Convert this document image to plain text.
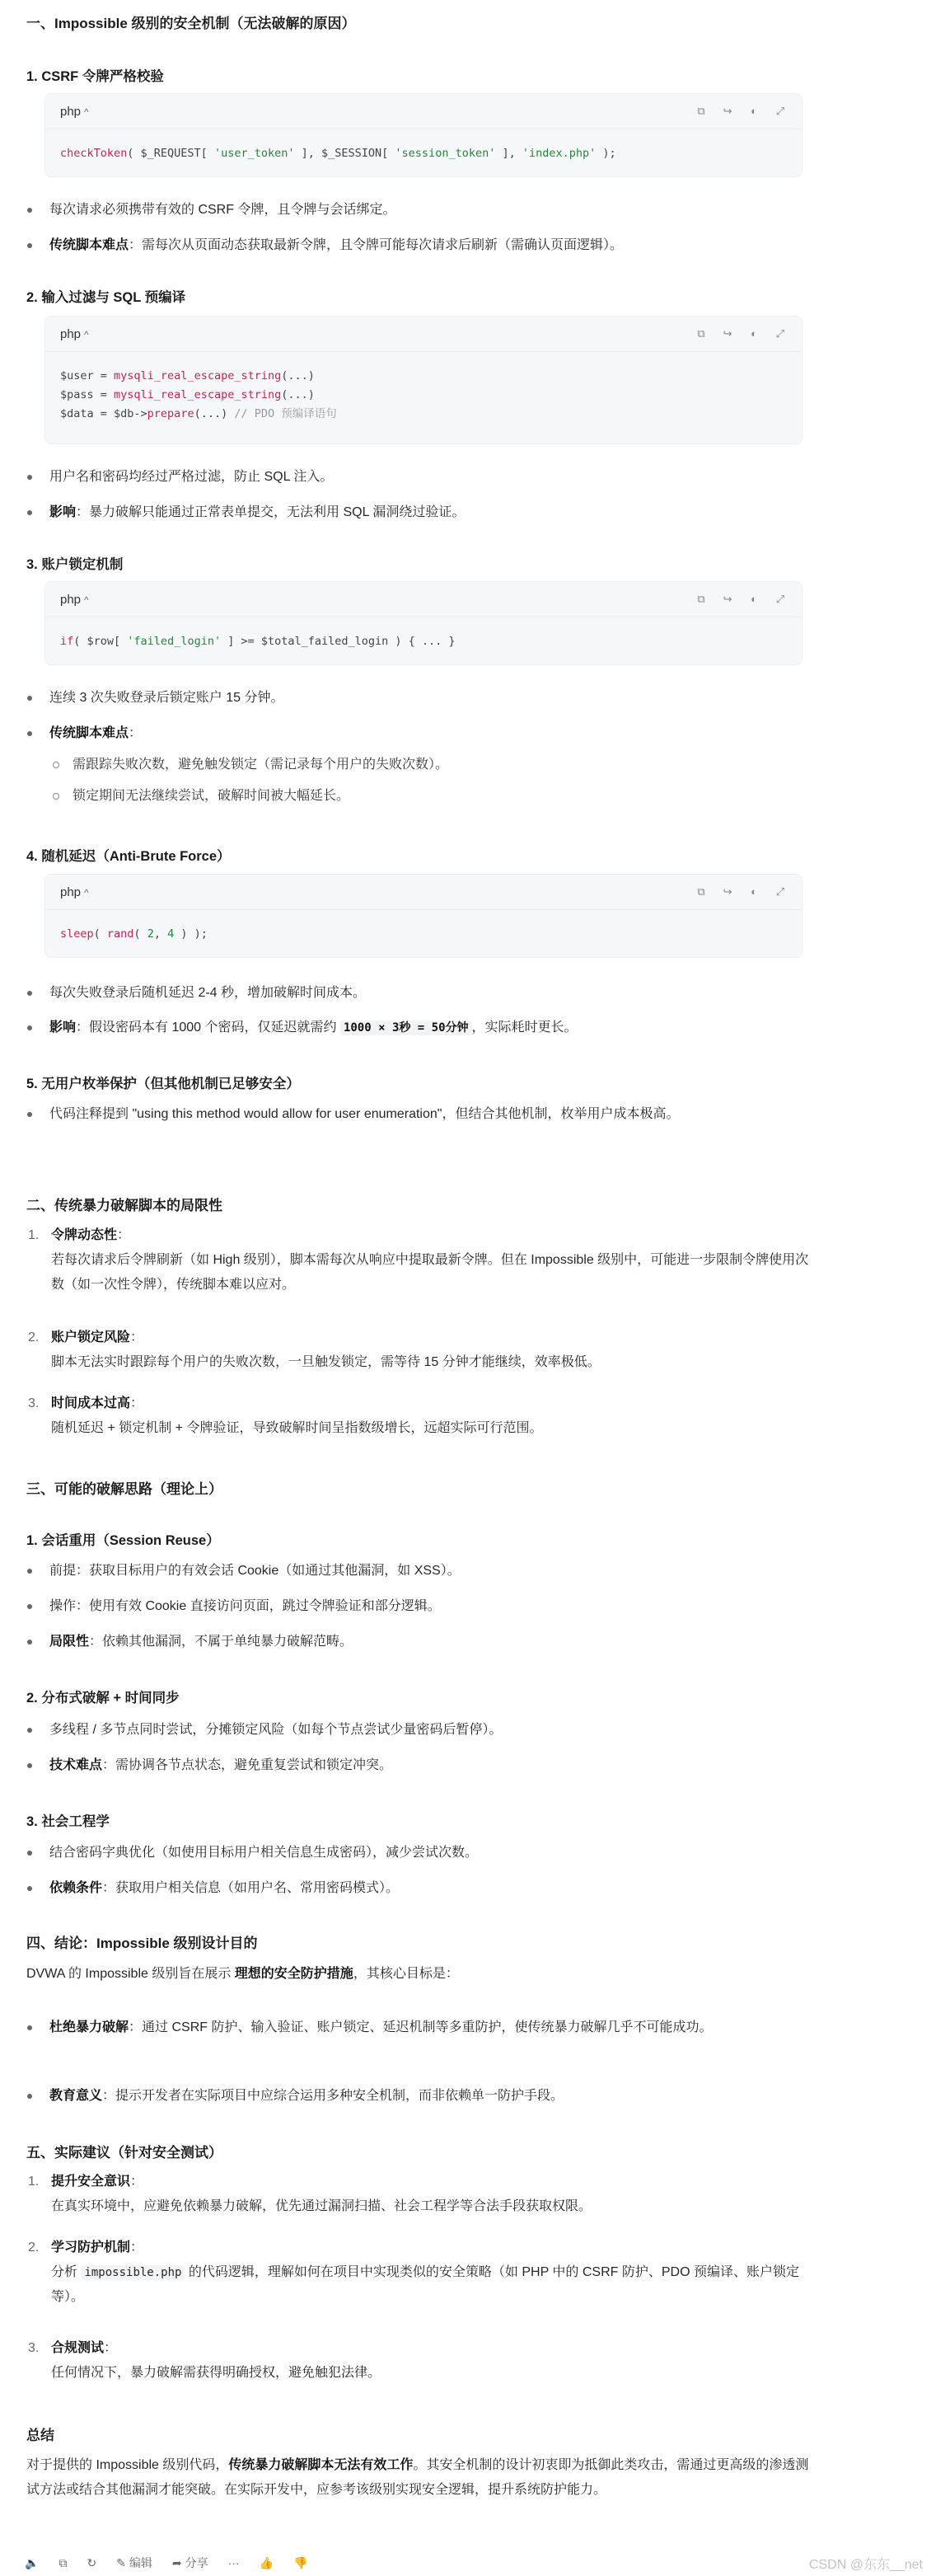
一、Impossible 级别的安全机制（无法破解的原因）
1. CSRF 令牌严格校验
php ^	⧉ ↪	◐	⤢
checkToken( $_REQUEST[ 'user_token' ], $_SESSION[ 'session_token' ], 'index.php' );
每次请求必须携带有效的 CSRF 令牌，且令牌与会话绑定。
传统脚本难点：需每次从页面动态获取最新令牌，且令牌可能每次请求后刷新（需确认页面逻辑）。
2. 输入过滤与 SQL 预编译
php ^	⧉ ↪	◐	⤢
$user = mysqli_real_escape_string(...)
$pass = mysqli_real_escape_string(...)
$data = $db->prepare(...) // PDO 预编译语句
用户名和密码均经过严格过滤，防止 SQL 注入。
影响：暴力破解只能通过正常表单提交，无法利用 SQL 漏洞绕过验证。
3. 账户锁定机制
php ^	⧉ ↪	◐	⤢
if( $row[ 'failed_login' ] >= $total_failed_login ) { ... }
连续 3 次失败登录后锁定账户 15 分钟。
传统脚本难点：
需跟踪失败次数，避免触发锁定（需记录每个用户的失败次数）。
锁定期间无法继续尝试，破解时间被大幅延长。
4. 随机延迟（Anti-Brute Force）
php ^	⧉ ↪	◐	⤢
sleep( rand( 2, 4 ) );
每次失败登录后随机延迟 2-4 秒，增加破解时间成本。
影响：假设密码本有 1000 个密码，仅延迟就需约 1000 × 3秒 = 50分钟 ，实际耗时更长。
5. 无用户枚举保护（但其他机制已足够安全）
代码注释提到 "using this method would allow for user enumeration"，但结合其他机制，枚举用户成本极高。
二、传统暴力破解脚本的局限性
1. 令牌动态性：
若每次请求后令牌刷新（如 High 级别），脚本需每次从响应中提取最新令牌。但在 Impossible 级别中，可能进一步限制令牌使用次数（如一次性令牌），传统脚本难以应对。
2. 账户锁定风险：
脚本无法实时跟踪每个用户的失败次数，一旦触发锁定，需等待 15 分钟才能继续，效率极低。
3. 时间成本过高：
随机延迟 + 锁定机制 + 令牌验证，导致破解时间呈指数级增长，远超实际可行范围。
三、可能的破解思路（理论上）
1. 会话重用（Session Reuse）
前提：获取目标用户的有效会话 Cookie（如通过其他漏洞，如 XSS）。
操作：使用有效 Cookie 直接访问页面，跳过令牌验证和部分逻辑。
局限性：依赖其他漏洞，不属于单纯暴力破解范畴。
2. 分布式破解 + 时间同步
多线程 / 多节点同时尝试，分摊锁定风险（如每个节点尝试少量密码后暂停）。
技术难点：需协调各节点状态，避免重复尝试和锁定冲突。
3. 社会工程学
结合密码字典优化（如使用目标用户相关信息生成密码），减少尝试次数。
依赖条件：获取用户相关信息（如用户名、常用密码模式）。
四、结论：Impossible 级别设计目的
DVWA 的 Impossible 级别旨在展示 理想的安全防护措施，其核心目标是：
杜绝暴力破解：通过 CSRF 防护、输入验证、账户锁定、延迟机制等多重防护，使传统暴力破解几乎不可能成功。
教育意义：提示开发者在实际项目中应综合运用多种安全机制，而非依赖单一防护手段。
五、实际建议（针对安全测试）
1. 提升安全意识：
在真实环境中，应避免依赖暴力破解，优先通过漏洞扫描、社会工程学等合法手段获取权限。
2. 学习防护机制：
分析 impossible.php 的代码逻辑，理解如何在项目中实现类似的安全策略（如 PHP 中的 CSRF 防护、PDO 预编译、账户锁定等）。
3. 合规测试：
任何情况下，暴力破解需获得明确授权，避免触犯法律。
总结
对于提供的 Impossible 级别代码，传统暴力破解脚本无法有效工作。其安全机制的设计初衷即为抵御此类攻击，需通过更高级的渗透测试方法或结合其他漏洞才能突破。在实际开发中，应参考该级别实现安全逻辑，提升系统防护能力。
🔈 ⧉ ↻ ✎ 编辑 ➦ 分享 ··· 👍 👎	CSDN @东东__net
